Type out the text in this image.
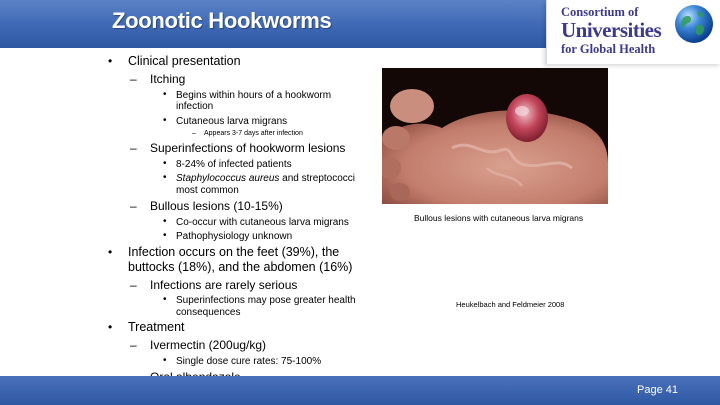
Zoonotic Hookworms	Consortium of
Universities
for Global Health
• Clinical presentation
– Itching
• Begins within hours of a hookworm infection
• Cutaneous larva migrans
– Appears 3-7 days after infection
– Superinfections of hookworm lesions
• 8-24% of infected patients
• Staphylococcus aureus and streptococci most common
– Bullous lesions (10-15%)
• Co-occur with cutaneous larva migrans
• Pathophysiology unknown
• Infection occurs on the feet (39%), the buttocks (18%), and the abdomen (16%)
– Infections are rarely serious
• Superinfections may pose greater health consequences
• Treatment
– Ivermectin (200ug/kg)
• Single dose cure rates: 75-100%
Bullous lesions with cutaneous larva migrans
Heukelbach and Feldmeier 2008
Page 41
